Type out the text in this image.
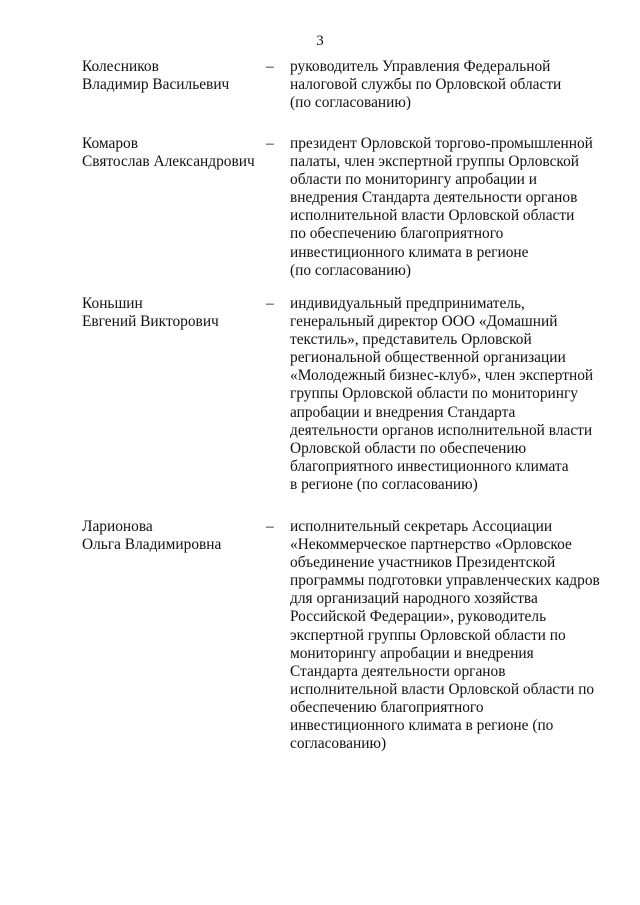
3
Колесников
Владимир Васильевич
– руководитель Управления Федеральной
налоговой службы по Орловской области
(по согласованию)
Комаров
Святослав Александрович
– президент Орловской торгово-промышленной
палаты, член экспертной группы Орловской
области по мониторингу апробации и
внедрения Стандарта деятельности органов
исполнительной власти Орловской области
по обеспечению благоприятного
инвестиционного климата в регионе
(по согласованию)
Коньшин
Евгений Викторович
– индивидуальный предприниматель,
генеральный директор ООО «Домашний
текстиль», представитель Орловской
региональной общественной организации
«Молодежный бизнес-клуб», член экспертной
группы Орловской области по мониторингу
апробации и внедрения Стандарта
деятельности органов исполнительной власти
Орловской области по обеспечению
благоприятного инвестиционного климата
в регионе (по согласованию)
Ларионова
Ольга Владимировна
– исполнительный секретарь Ассоциации
«Некоммерческое партнерство «Орловское
объединение участников Президентской
программы подготовки управленческих кадров
для организаций народного хозяйства
Российской Федерации», руководитель
экспертной группы Орловской области по
мониторингу апробации и внедрения
Стандарта деятельности органов
исполнительной власти Орловской области по
обеспечению благоприятного
инвестиционного климата в регионе (по
согласованию)
